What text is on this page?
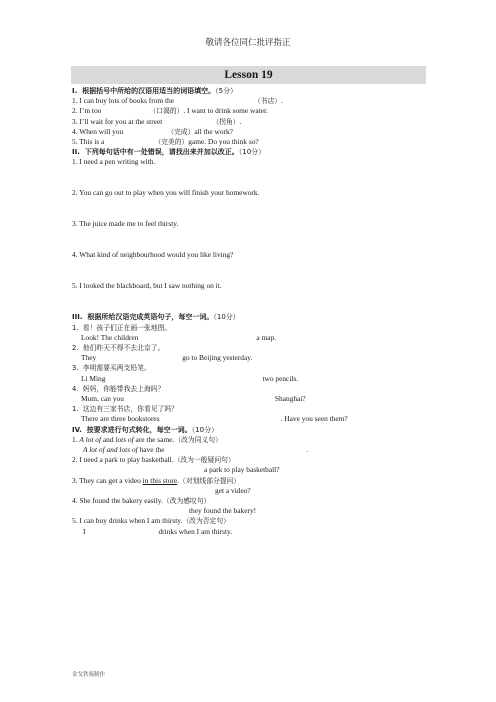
敬请各位同仁批评指正
Lesson 19
I.  根据括号中所给的汉语用适当的词语填空。（5分）
1. I can buy lots of books from the	（书店）.
2. I’m too	（口渴的）. I want to drink some water.
3. I’ll wait for you at the street	（拐角）.
4. When will you	（完成）all the work?
5. This is a	（完美的）game. Do you think so?
II.  下列每句话中有一处错误，请找出来并加以改正。（10分）
1. I need a pen writing with.
2. You can go out to play when you will finish your homework.
3. The juice made me to feel thirsty.
4. What kind of neighbourhood would you like living?
5. I looked the blackboard, but I saw nothing on it.
III.  根据所给汉语完成英语句子，每空一词。（10分）
1.  看！孩子们正在画一张地图。
Look! The children	a map.
2.  他们昨天不得不去北京了。
They	go to Beijing yesterday.
3.  李明需要买两支铅笔。
Li Ming	two pencils.
4.  妈妈，你能带我去上海吗？
Mum, can you	Shanghai?
1.  这边有三家书店，你看见了吗？
There are three bookstores	. Have you seen them?
IV.  按要求进行句式转化，每空一词。（10分）
1. A lot of and lots of are the same.（改为同义句）
A lot of and lots of have the	.
2. I need a park to play basketball.（改为一般疑问句）
a park to play basketball?
3. They can get a video in this store.（对划线部分提问）
get a video?
4. She found the bakery easily.（改为感叹句）
they found the bakery!
5. I can buy drinks when I am thirsty.（改为否定句）
I	drinks when I am thirsty.
金戈铁骑制作
